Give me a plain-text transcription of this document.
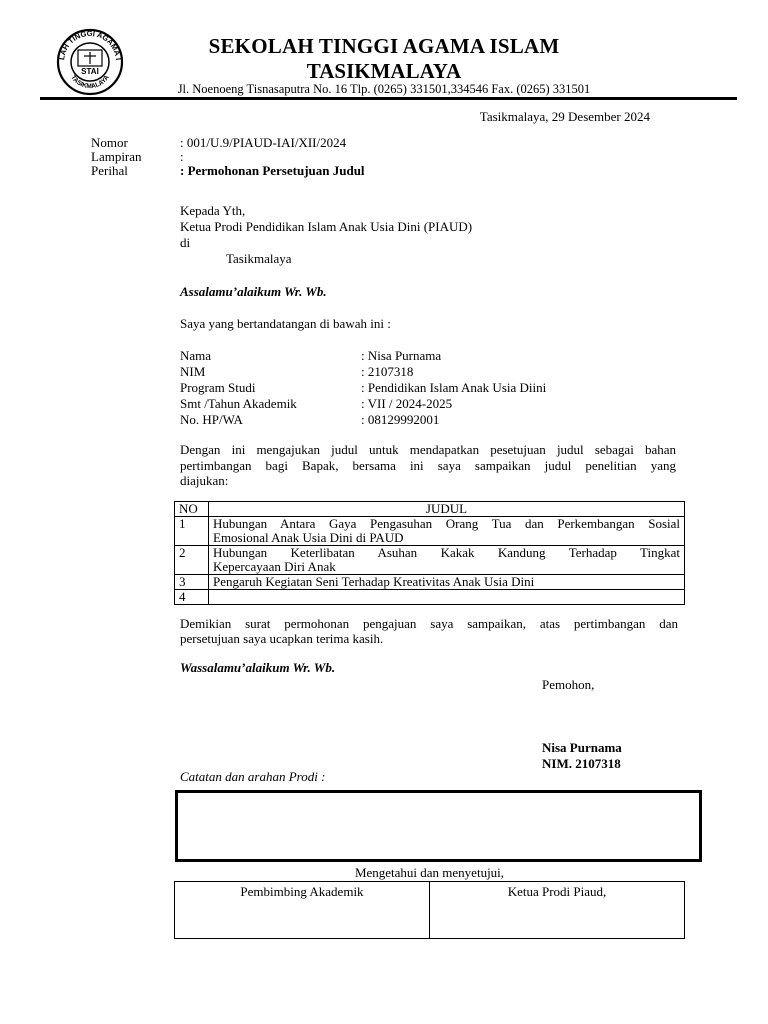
LAH TINGGI AGAMA I
TASIKMALAYA
STAI
SEKOLAH TINGGI AGAMA ISLAM
TASIKMALAYA
Jl. Noenoeng Tisnasaputra No. 16 Tlp. (0265) 331501,334546 Fax. (0265) 331501
Tasikmalaya, 29 Desember 2024
Nomor	: 001/U.9/PIAUD-IAI/XII/2024
Lampiran	:
Perihal	: Permohonan Persetujuan Judul
Kepada Yth,
Ketua Prodi Pendidikan Islam Anak Usia Dini (PIAUD)
di
Tasikmalaya
Assalamu’alaikum Wr. Wb.
Saya yang bertandatangan di bawah ini :
Nama	: Nisa Purnama
NIM	: 2107318
Program Studi	: Pendidikan Islam Anak Usia Diini
Smt /Tahun Akademik	: VII / 2024-2025
No. HP/WA	: 08129992001
Dengan ini mengajukan judul untuk mendapatkan pesetujuan judul sebagai bahan
pertimbangan bagi Bapak, bersama ini saya sampaikan judul penelitian yang
diajukan:
NO	JUDUL
1	Hubungan Antara Gaya Pengasuhan Orang Tua dan Perkembangan Sosial
Emosional Anak Usia Dini di PAUD

2	Hubungan Keterlibatan Asuhan Kakak Kandung Terhadap Tingkat
Kepercayaan Diri Anak

3	Pengaruh Kegiatan Seni Terhadap Kreativitas Anak Usia Dini

4	
Demikian surat permohonan pengajuan saya sampaikan, atas pertimbangan dan
persetujuan saya ucapkan terima kasih.
Wassalamu’alaikum Wr. Wb.
Pemohon,
Nisa Purnama
NIM. 2107318
Catatan dan arahan Prodi :
Mengetahui dan menyetujui,
Pembimbing Akademik	Ketua Prodi Piaud,
